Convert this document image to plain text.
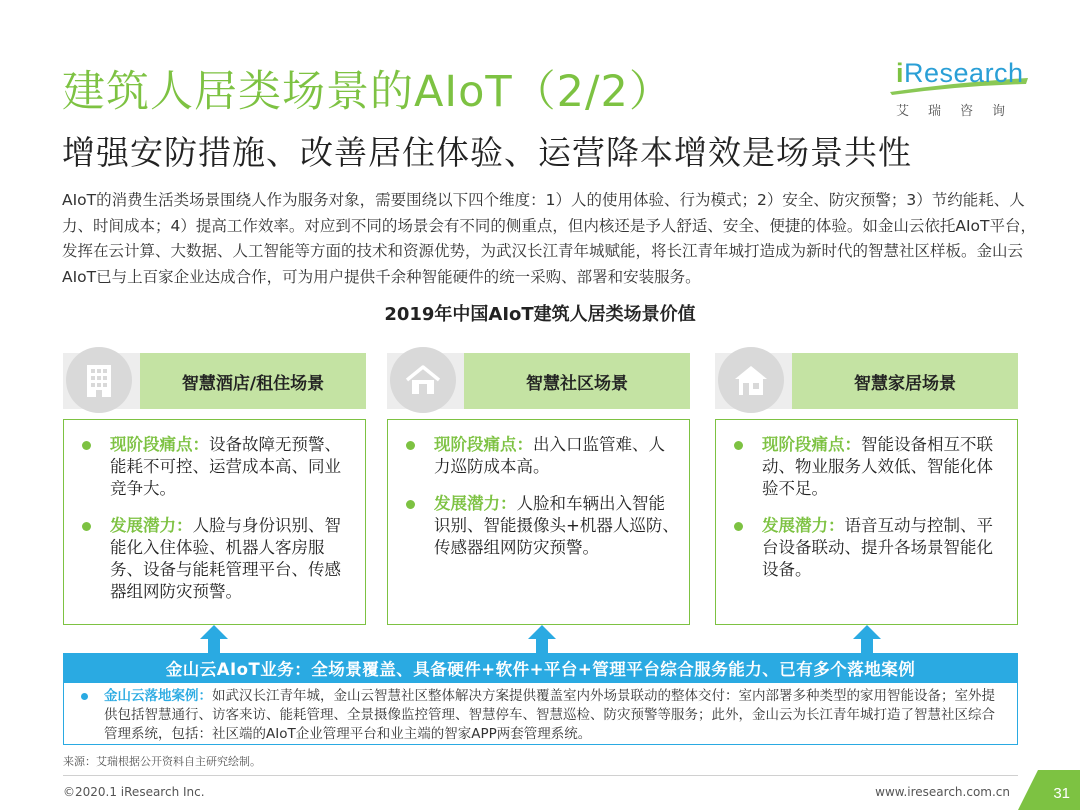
建筑人居类场景的AIoT（2/2）
增强安防措施、改善居住体验、运营降本增效是场景共性
iResearch
艾瑞咨询
AIoT的消费生活类场景围绕人作为服务对象，需要围绕以下四个维度：1）人的使用体验、行为模式；2）安全、防灾预警；3）节约能耗、人力、时间成本；4）提高工作效率。对应到不同的场景会有不同的侧重点，但内核还是予人舒适、安全、便捷的体验。如金山云依托AIoT平台，发挥在云计算、大数据、人工智能等方面的技术和资源优势，为武汉长江青年城赋能，将长江青年城打造成为新时代的智慧社区样板。金山云AIoT已与上百家企业达成合作，可为用户提供千余种智能硬件的统一采购、部署和安装服务。
2019年中国AIoT建筑人居类场景价值
智慧酒店/租住场景
现阶段痛点：设备故障无预警、能耗不可控、运营成本高、同业竞争大。
发展潜力：人脸与身份识别、智能化入住体验、机器人客房服务、设备与能耗管理平台、传感器组网防灾预警。
智慧社区场景
现阶段痛点：出入口监管难、人力巡防成本高。
发展潜力：人脸和车辆出入智能识别、智能摄像头+机器人巡防、传感器组网防灾预警。
智慧家居场景
现阶段痛点：智能设备相互不联动、物业服务人效低、智能化体验不足。
发展潜力：语音互动与控制、平台设备联动、提升各场景智能化设备。
金山云AIoT业务：全场景覆盖、具备硬件+软件+平台+管理平台综合服务能力、已有多个落地案例
金山云落地案例：如武汉长江青年城，金山云智慧社区整体解决方案提供覆盖室内外场景联动的整体交付：室内部署多种类型的家用智能设备；室外提供包括智慧通行、访客来访、能耗管理、全景摄像监控管理、智慧停车、智慧巡检、防灾预警等服务；此外，金山云为长江青年城打造了智慧社区综合管理系统，包括：社区端的AIoT企业管理平台和业主端的智家APP两套管理系统。
来源：艾瑞根据公开资料自主研究绘制。
©2020.1 iResearch Inc.	www.iresearch.com.cn	31
